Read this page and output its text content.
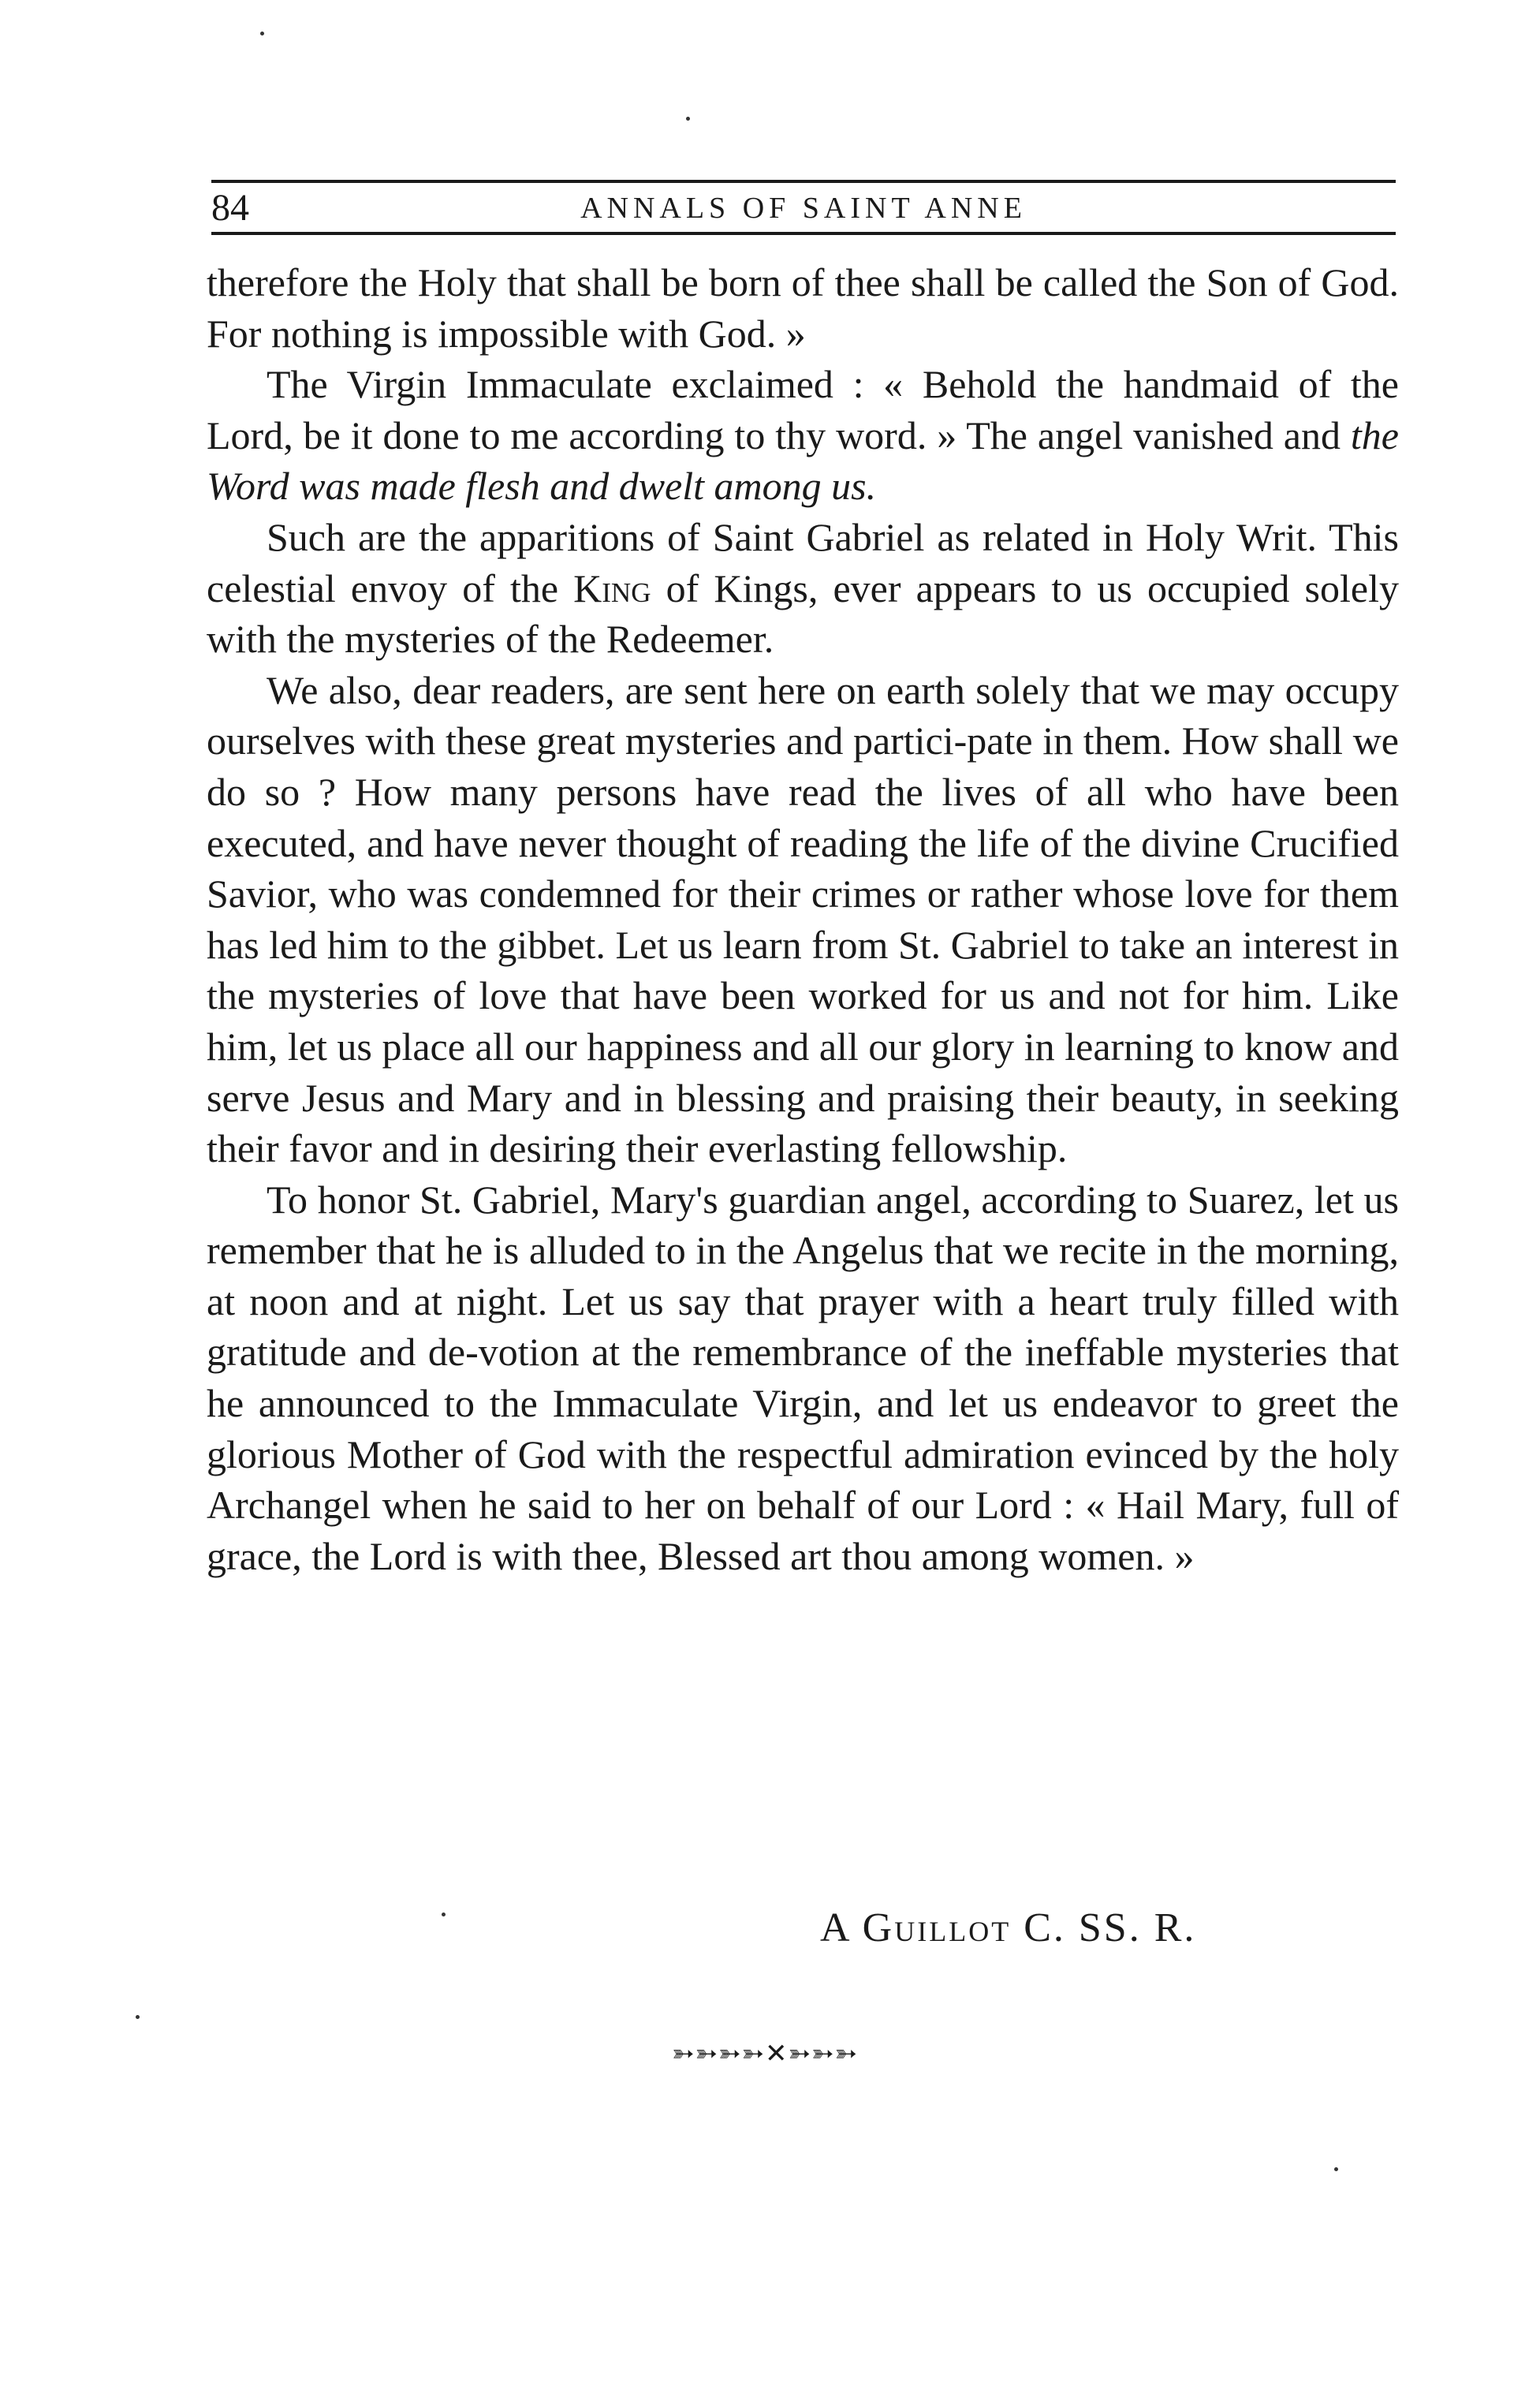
84	ANNALS OF SAINT ANNE

therefore the Holy that shall be born of thee shall be called the Son of God. For nothing is impossible with God. »

The Virgin Immaculate exclaimed : « Behold the handmaid of the Lord, be it done to me according to thy word. » The angel vanished and the Word was made flesh and dwelt among us.

Such are the apparitions of Saint Gabriel as related in Holy Writ. This celestial envoy of the King of Kings, ever appears to us occupied solely with the mysteries of the Redeemer.

We also, dear readers, are sent here on earth solely that we may occupy ourselves with these great mysteries and partici-pate in them. How shall we do so ? How many persons have read the lives of all who have been executed, and have never thought of reading the life of the divine Crucified Savior, who was condemned for their crimes or rather whose love for them has led him to the gibbet. Let us learn from St. Gabriel to take an interest in the mysteries of love that have been worked for us and not for him. Like him, let us place all our happiness and all our glory in learning to know and serve Jesus and Mary and in blessing and praising their beauty, in seeking their favor and in desiring their everlasting fellowship.

To honor St. Gabriel, Mary's guardian angel, according to Suarez, let us remember that he is alluded to in the Angelus that we recite in the morning, at noon and at night. Let us say that prayer with a heart truly filled with gratitude and de-votion at the remembrance of the ineffable mysteries that he announced to the Immaculate Virgin, and let us endeavor to greet the glorious Mother of God with the respectful admiration evinced by the holy Archangel when he said to her on behalf of our Lord : « Hail Mary, full of grace, the Lord is with thee, Blessed art thou among women. »

A Guillot C. SS. R.
➳➳➳➳✕➳➳➳
